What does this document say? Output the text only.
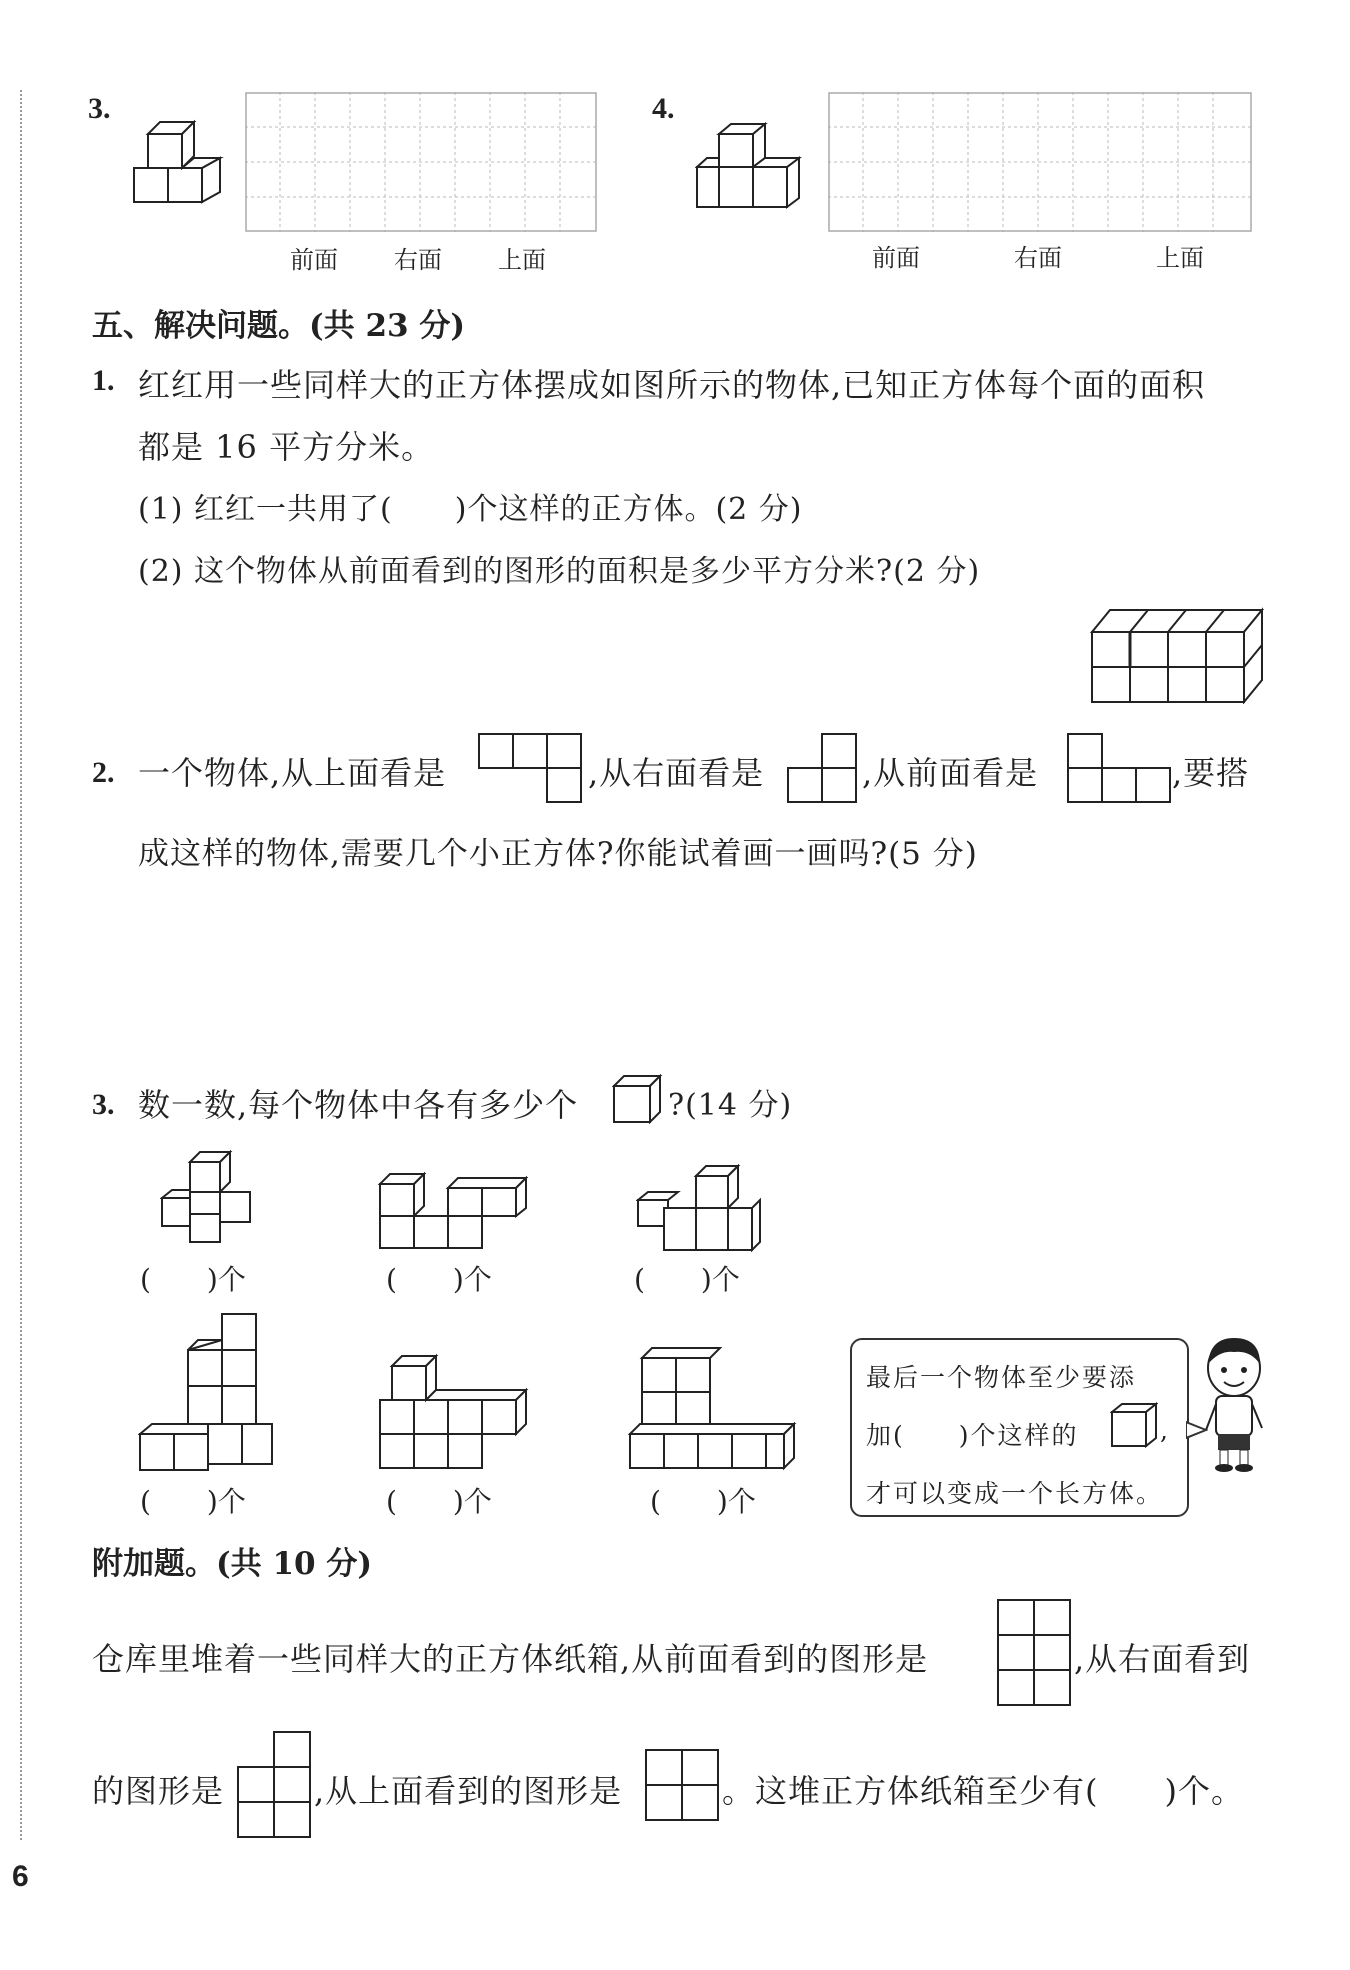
3.
前面 右面 上面
4.
前面	右面	上面
五、解决问题。(共 23 分)
1. 红红用一些同样大的正方体摆成如图所示的物体,已知正方体每个面的面积
都是 16 平方分米。
(1) 红红一共用了(　　)个这样的正方体。(2 分)
(2) 这个物体从前面看到的图形的面积是多少平方分米?(2 分)
2. 一个物体,从上面看是	,从右面看是	,从前面看是	,要搭
成这样的物体,需要几个小正方体?你能试着画一画吗?(5 分)
3. 数一数,每个物体中各有多少个	?(14 分)
(　　)个	(　　)个	(　　)个
(　　)个	(　　)个	(　　)个
最后一个物体至少要添
加(　　)个这样的	,
才可以变成一个长方体。
附加题。(共 10 分)
仓库里堆着一些同样大的正方体纸箱,从前面看到的图形是	,从右面看到
的图形是	,从上面看到的图形是	。这堆正方体纸箱至少有(　　)个。
6
